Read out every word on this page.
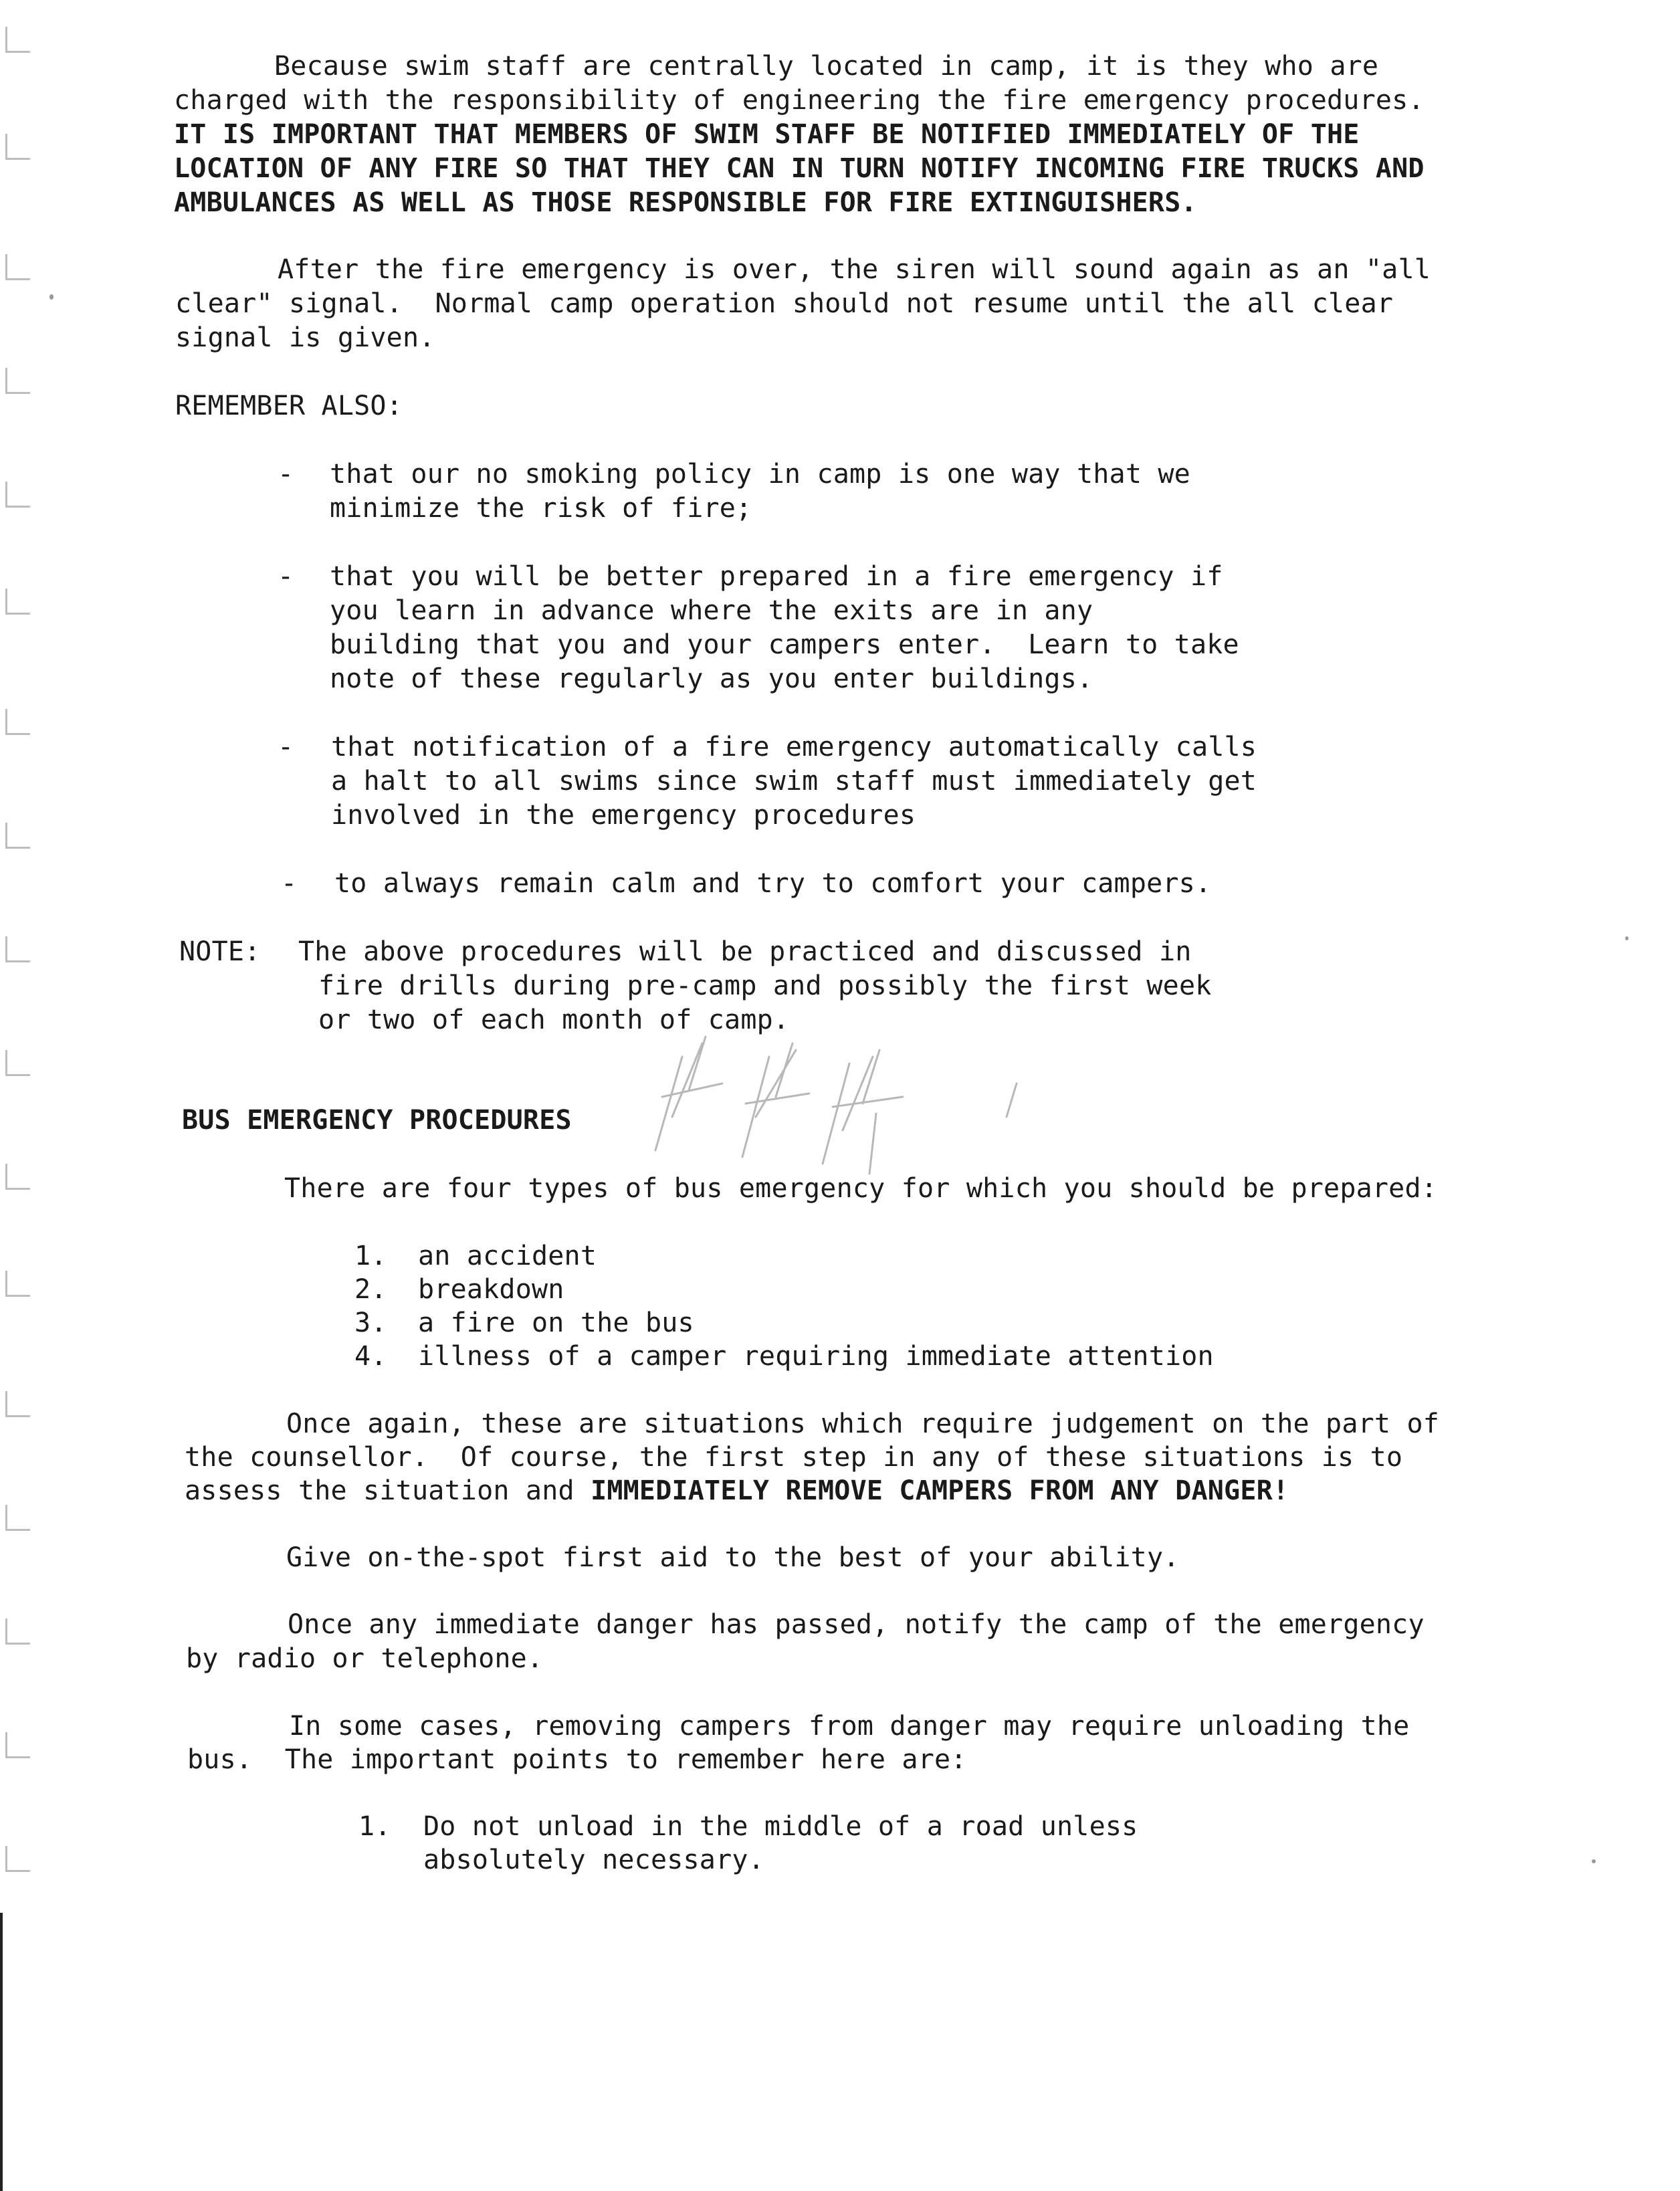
Because swim staff are centrally located in camp, it is they who are
charged with the responsibility of engineering the fire emergency procedures.
IT IS IMPORTANT THAT MEMBERS OF SWIM STAFF BE NOTIFIED IMMEDIATELY OF THE
LOCATION OF ANY FIRE SO THAT THEY CAN IN TURN NOTIFY INCOMING FIRE TRUCKS AND
AMBULANCES AS WELL AS THOSE RESPONSIBLE FOR FIRE EXTINGUISHERS.
After the fire emergency is over, the siren will sound again as an "all
clear" signal.  Normal camp operation should not resume until the all clear
signal is given.
REMEMBER ALSO:
- that our no smoking policy in camp is one way that we
minimize the risk of fire;
- that you will be better prepared in a fire emergency if
you learn in advance where the exits are in any
building that you and your campers enter.  Learn to take
note of these regularly as you enter buildings.
- that notification of a fire emergency automatically calls
a halt to all swims since swim staff must immediately get
involved in the emergency procedures
- to always remain calm and try to comfort your campers.
NOTE: The above procedures will be practiced and discussed in
fire drills during pre-camp and possibly the first week
or two of each month of camp.
BUS EMERGENCY PROCEDURES
There are four types of bus emergency for which you should be prepared:
1. an accident
2. breakdown
3. a fire on the bus
4. illness of a camper requiring immediate attention
Once again, these are situations which require judgement on the part of
the counsellor.  Of course, the first step in any of these situations is to
assess the situation and IMMEDIATELY REMOVE CAMPERS FROM ANY DANGER!
Give on-the-spot first aid to the best of your ability.
Once any immediate danger has passed, notify the camp of the emergency
by radio or telephone.
In some cases, removing campers from danger may require unloading the
bus.  The important points to remember here are:
1. Do not unload in the middle of a road unless
absolutely necessary.
